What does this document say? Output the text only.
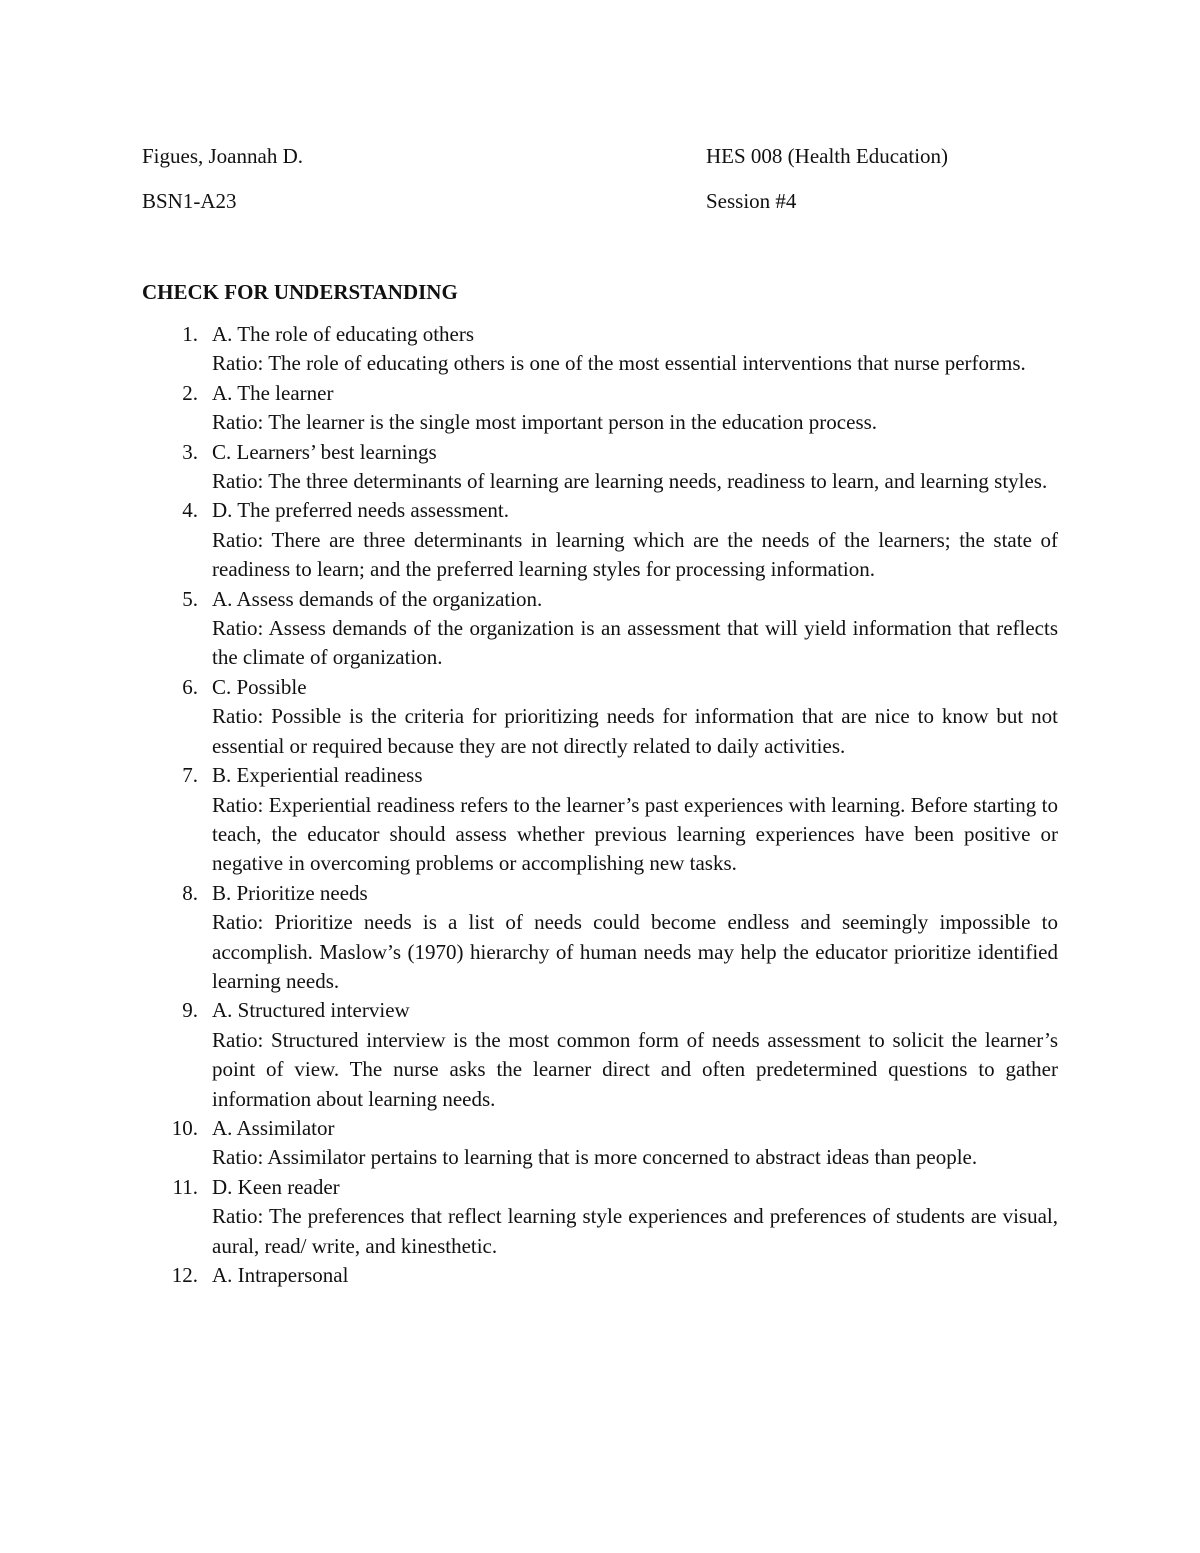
Figues, Joannah D.	HES 008 (Health Education)
BSN1-A23	Session #4
CHECK FOR UNDERSTANDING
1. A. The role of educating others
Ratio: The role of educating others is one of the most essential interventions that nurse performs.
2. A. The learner
Ratio: The learner is the single most important person in the education process.
3. C. Learners’ best learnings
Ratio: The three determinants of learning are learning needs, readiness to learn, and learning styles.
4. D. The preferred needs assessment.
Ratio: There are three determinants in learning which are the needs of the learners; the state of readiness to learn; and the preferred learning styles for processing information.
5. A. Assess demands of the organization.
Ratio: Assess demands of the organization is an assessment that will yield information that reflects the climate of organization.
6. C. Possible
Ratio: Possible is the criteria for prioritizing needs for information that are nice to know but not essential or required because they are not directly related to daily activities.
7. B. Experiential readiness
Ratio: Experiential readiness refers to the learner’s past experiences with learning. Before starting to teach, the educator should assess whether previous learning experiences have been positive or negative in overcoming problems or accomplishing new tasks.
8. B. Prioritize needs
Ratio: Prioritize needs is a list of needs could become endless and seemingly impossible to accomplish. Maslow’s (1970) hierarchy of human needs may help the educator prioritize identified learning needs.
9. A. Structured interview
Ratio: Structured interview is the most common form of needs assessment to solicit the learner’s point of view. The nurse asks the learner direct and often predetermined questions to gather information about learning needs.
10. A. Assimilator
Ratio: Assimilator pertains to learning that is more concerned to abstract ideas than people.
11. D. Keen reader
Ratio: The preferences that reflect learning style experiences and preferences of students are visual, aural, read/ write, and kinesthetic.
12. A. Intrapersonal
